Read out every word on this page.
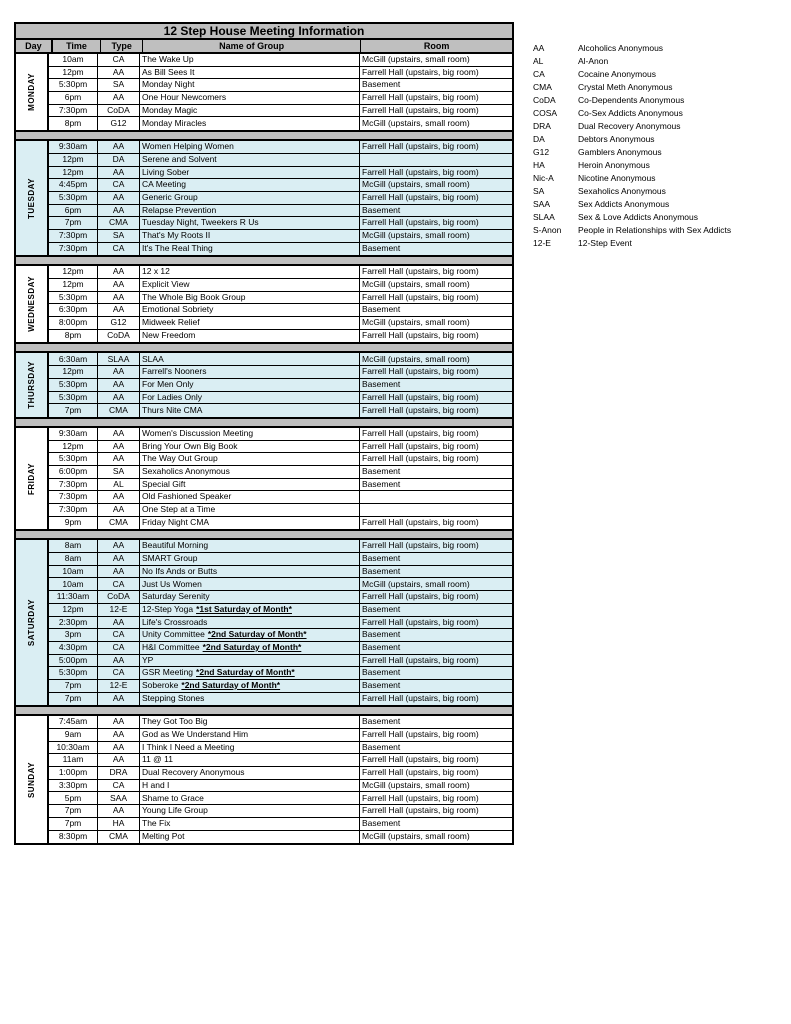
12 Step House Meeting Information
Day	Time	Type	Name of Group	Room
MONDAY
10am	CA	The Wake Up	McGill (upstairs, small room)
12pm	AA	As Bill Sees It	Farrell Hall (upstairs, big room)
5:30pm	SA	Monday Night	Basement
6pm	AA	One Hour Newcomers	Farrell Hall (upstairs, big room)
7:30pm	CoDA	Monday Magic	Farrell Hall (upstairs, big room)
8pm	G12	Monday Miracles	McGill (upstairs, small room)
TUESDAY
9:30am	AA	Women Helping Women	Farrell Hall (upstairs, big room)
12pm	DA	Serene and Solvent
12pm	AA	Living Sober	Farrell Hall (upstairs, big room)
4:45pm	CA	CA Meeting	McGill (upstairs, small room)
5:30pm	AA	Generic Group	Farrell Hall (upstairs, big room)
6pm	AA	Relapse Prevention	Basement
7pm	CMA	Tuesday Night, Tweekers R Us	Farrell Hall (upstairs, big room)
7:30pm	SA	That's My Roots II	McGill (upstairs, small room)
7:30pm	CA	It's The Real Thing	Basement
WEDNESDAY
12pm	AA	12 x 12	Farrell Hall (upstairs, big room)
12pm	AA	Explicit View	McGill (upstairs, small room)
5:30pm	AA	The Whole Big Book Group	Farrell Hall (upstairs, big room)
6:30pm	AA	Emotional Sobriety	Basement
8:00pm	G12	Midweek Relief	McGill (upstairs, small room)
8pm	CoDA	New Freedom	Farrell Hall (upstairs, big room)
THURSDAY
6:30am	SLAA	SLAA	McGill (upstairs, small room)
12pm	AA	Farrell's Nooners	Farrell Hall (upstairs, big room)
5:30pm	AA	For Men Only	Basement
5:30pm	AA	For Ladies Only	Farrell Hall (upstairs, big room)
7pm	CMA	Thurs Nite CMA	Farrell Hall (upstairs, big room)
FRIDAY
9:30am	AA	Women's Discussion Meeting	Farrell Hall (upstairs, big room)
12pm	AA	Bring Your Own Big Book	Farrell Hall (upstairs, big room)
5:30pm	AA	The Way Out Group	Farrell Hall (upstairs, big room)
6:00pm	SA	Sexaholics Anonymous	Basement
7:30pm	AL	Special Gift	Basement
7:30pm	AA	Old Fashioned Speaker
7:30pm	AA	One Step at a Time
9pm	CMA	Friday Night CMA	Farrell Hall (upstairs, big room)
SATURDAY
8am	AA	Beautiful Morning	Farrell Hall (upstairs, big room)
8am	AA	SMART Group	Basement
10am	AA	No Ifs Ands or Butts	Basement
10am	CA	Just Us Women	McGill (upstairs, small room)
11:30am	CoDA	Saturday Serenity	Farrell Hall (upstairs, big room)
12pm	12-E	12-Step Yoga *1st Saturday of Month*	Basement
2:30pm	AA	Life's Crossroads	Farrell Hall (upstairs, big room)
3pm	CA	Unity Committee *2nd Saturday of Month*	Basement
4:30pm	CA	H&I Committee *2nd Saturday of Month*	Basement
5:00pm	AA	YP	Farrell Hall (upstairs, big room)
5:30pm	CA	GSR Meeting *2nd Saturday of Month*	Basement
7pm	12-E	Soberoke *2nd Saturday of Month*	Basement
7pm	AA	Stepping Stones	Farrell Hall (upstairs, big room)
SUNDAY
7:45am	AA	They Got Too Big	Basement
9am	AA	God as We Understand Him	Farrell Hall (upstairs, big room)
10:30am	AA	I Think I Need a Meeting	Basement
11am	AA	11 @ 11	Farrell Hall (upstairs, big room)
1:00pm	DRA	Dual Recovery Anonymous	Farrell Hall (upstairs, big room)
3:30pm	CA	H and I	McGill (upstairs, small room)
5pm	SAA	Shame to Grace	Farrell Hall (upstairs, big room)
7pm	AA	Young Life Group	Farrell Hall (upstairs, big room)
7pm	HA	The Fix	Basement
8:30pm	CMA	Melting Pot	McGill (upstairs, small room)
AA	Alcoholics Anonymous
AL	Al-Anon
CA	Cocaine Anonymous
CMA	Crystal Meth Anonymous
CoDA	Co-Dependents Anonymous
COSA	Co-Sex Addicts Anonymous
DRA	Dual Recovery Anonymous
DA	Debtors Anonymous
G12	Gamblers Anonymous
HA	Heroin Anonymous
Nic-A	Nicotine Anonymous
SA	Sexaholics Anonymous
SAA	Sex Addicts Anonymous
SLAA	Sex & Love Addicts Anonymous
S-Anon	People in Relationships with Sex Addicts
12-E	12-Step Event
